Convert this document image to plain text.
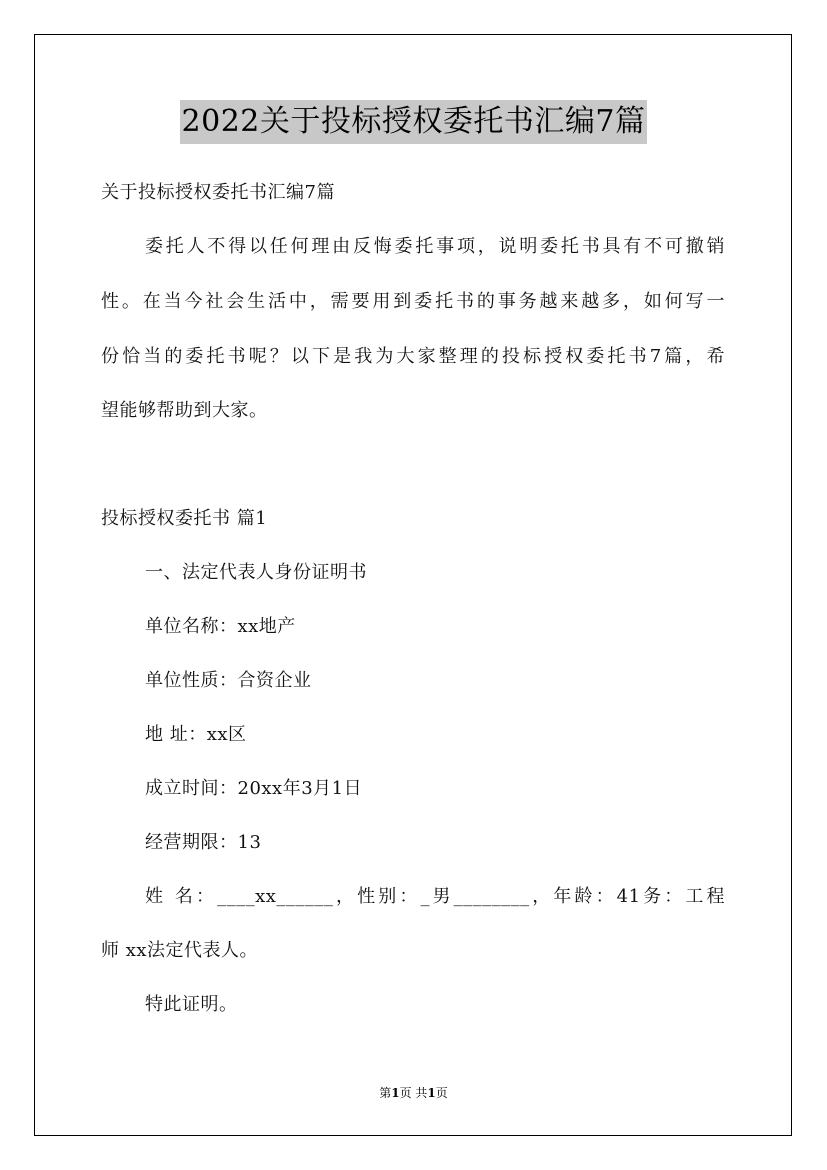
2022关于投标授权委托书汇编7篇
关于投标授权委托书汇编7篇
委托人不得以任何理由反悔委托事项，说明委托书具有不可撤销
性。在当今社会生活中，需要用到委托书的事务越来越多，如何写一
份恰当的委托书呢？以下是我为大家整理的投标授权委托书7篇，希
望能够帮助到大家。
投标授权委托书 篇1
一、法定代表人身份证明书
单位名称：xx地产
单位性质：合资企业
地 址：xx区
成立时间：20xx年3月1日
经营期限：13
姓 名：____xx______，性别：_男________，年龄：41务：工程
师 xx法定代表人。
特此证明。
第1页 共1页
